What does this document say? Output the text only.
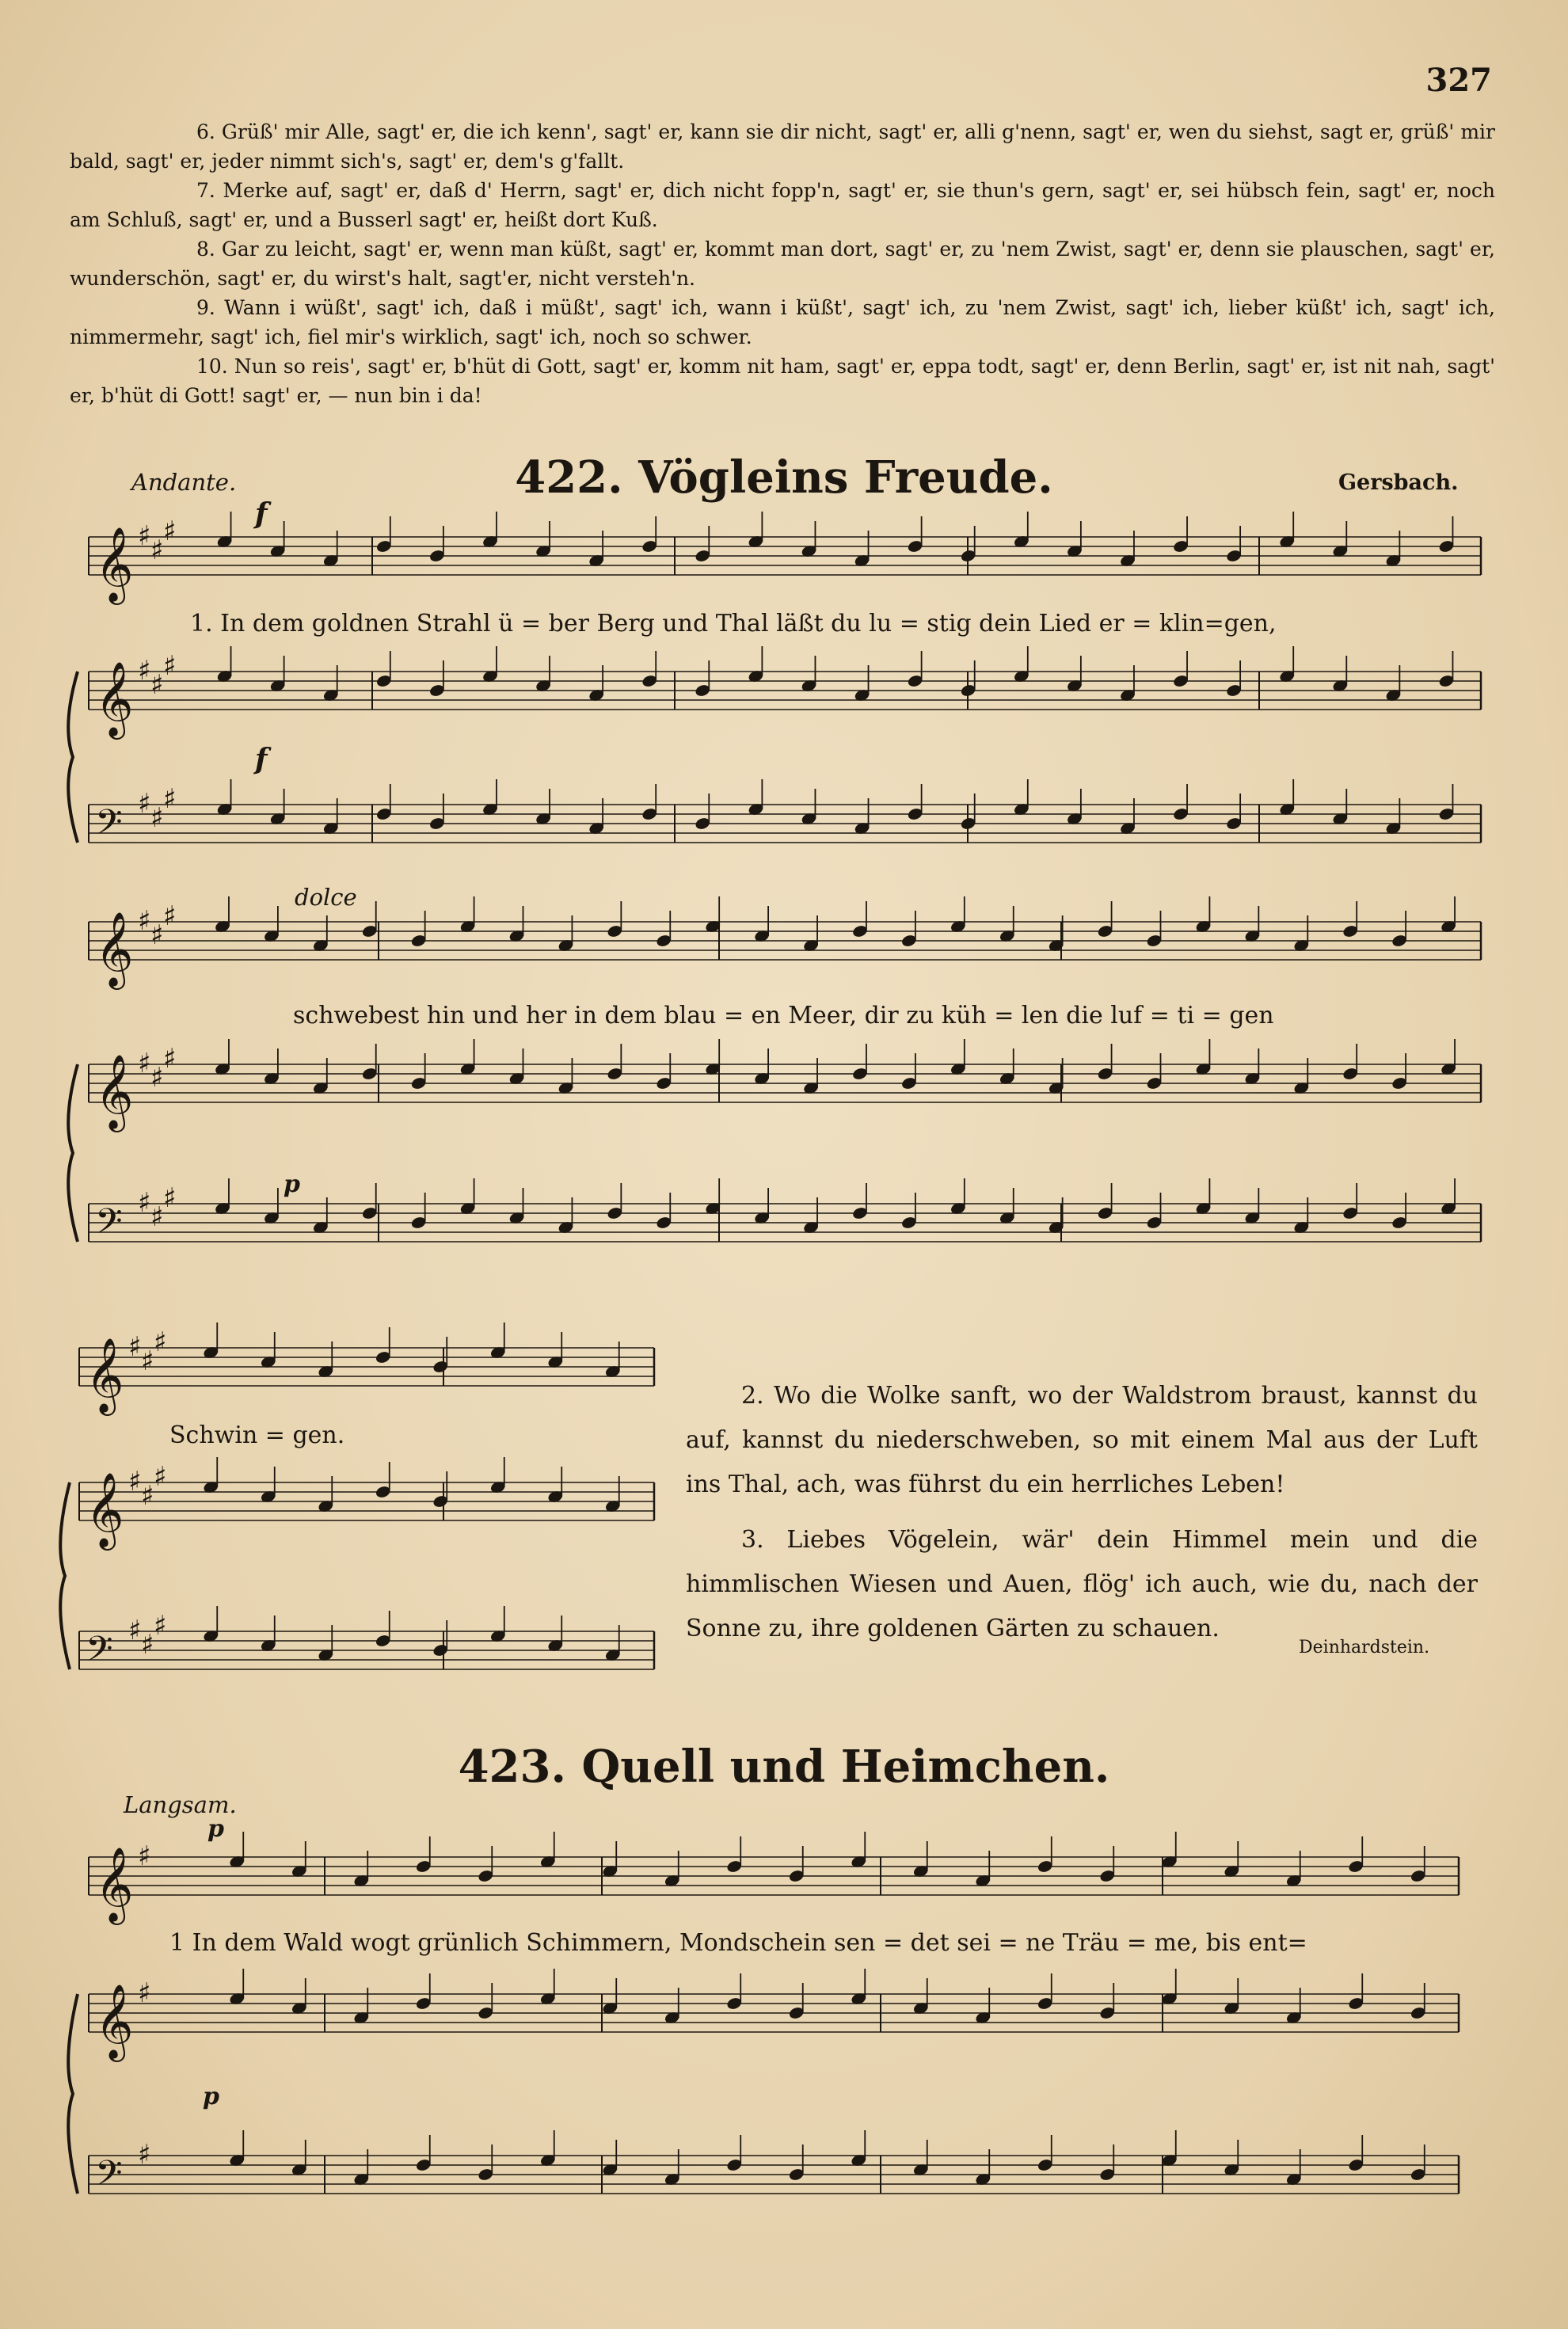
327

6. Grüß' mir Alle, sagt' er, die ich kenn', sagt' er, kann sie dir nicht, sagt' er, alli g'nenn, sagt' er, wen du siehst, sagt er, grüß' mir bald, sagt' er, jeder nimmt sich's, sagt' er, dem's g'fallt.

7. Merke auf, sagt' er, daß d' Herrn, sagt' er, dich nicht fopp'n, sagt' er, sie thun's gern, sagt' er, sei hübsch fein, sagt' er, noch am Schluß, sagt' er, und a Busserl sagt' er, heißt dort Kuß.

8. Gar zu leicht, sagt' er, wenn man küßt, sagt' er, kommt man dort, sagt' er, zu 'nem Zwist, sagt' er, denn sie plauschen, sagt' er, wunderschön, sagt' er, du wirst's halt, sagt'er, nicht versteh'n.

9. Wann i wüßt', sagt' ich, daß i müßt', sagt' ich, wann i küßt', sagt' ich, zu 'nem Zwist, sagt' ich, lieber küßt' ich, sagt' ich, nimmermehr, sagt' ich, fiel mir's wirklich, sagt' ich, noch so schwer.

10. Nun so reis', sagt' er, b'hüt di Gott, sagt' er, komm nit ham, sagt' er, eppa todt, sagt' er, denn Berlin, sagt' er, ist nit nah, sagt' er, b'hüt di Gott! sagt' er, — nun bin i da!

Andante.	422. Vögleins Freude.	Gersbach.
f
f
dolce
p
1. In dem goldnen Strahl ü = ber Berg und Thal läßt du lu = stig dein Lied er = klin=gen,
schwebest hin und her in dem blau = en Meer, dir zu küh = len die luf = ti = gen
Schwin = gen.

2. Wo die Wolke sanft, wo der Waldstrom braust, kannst du auf, kannst du niederschweben, so mit einem Mal aus der Luft ins Thal, ach, was führst du ein herrliches Leben!

3. Liebes Vögelein, wär' dein Himmel mein und die himmlischen Wiesen und Auen, flög' ich auch, wie du, nach der Sonne zu, ihre goldenen Gärten zu schauen.

Deinhardstein.
423. Quell und Heimchen.
Langsam.
p
p
1 In dem Wald wogt grünlich Schimmern, Mondschein sen = det sei = ne Träu = me, bis ent=
𝄞 ♯ ♯
♯
𝄞 ♯ ♯
♯
𝄢 ♯ ♯
♯
𝄞 ♯ ♯
♯
𝄞 ♯ ♯
♯
𝄢 ♯ ♯
♯
𝄞 ♯ ♯
♯
𝄞 ♯ ♯
♯
𝄢 ♯ ♯
♯
𝄞 ♯
𝄞 ♯
𝄢 ♯
